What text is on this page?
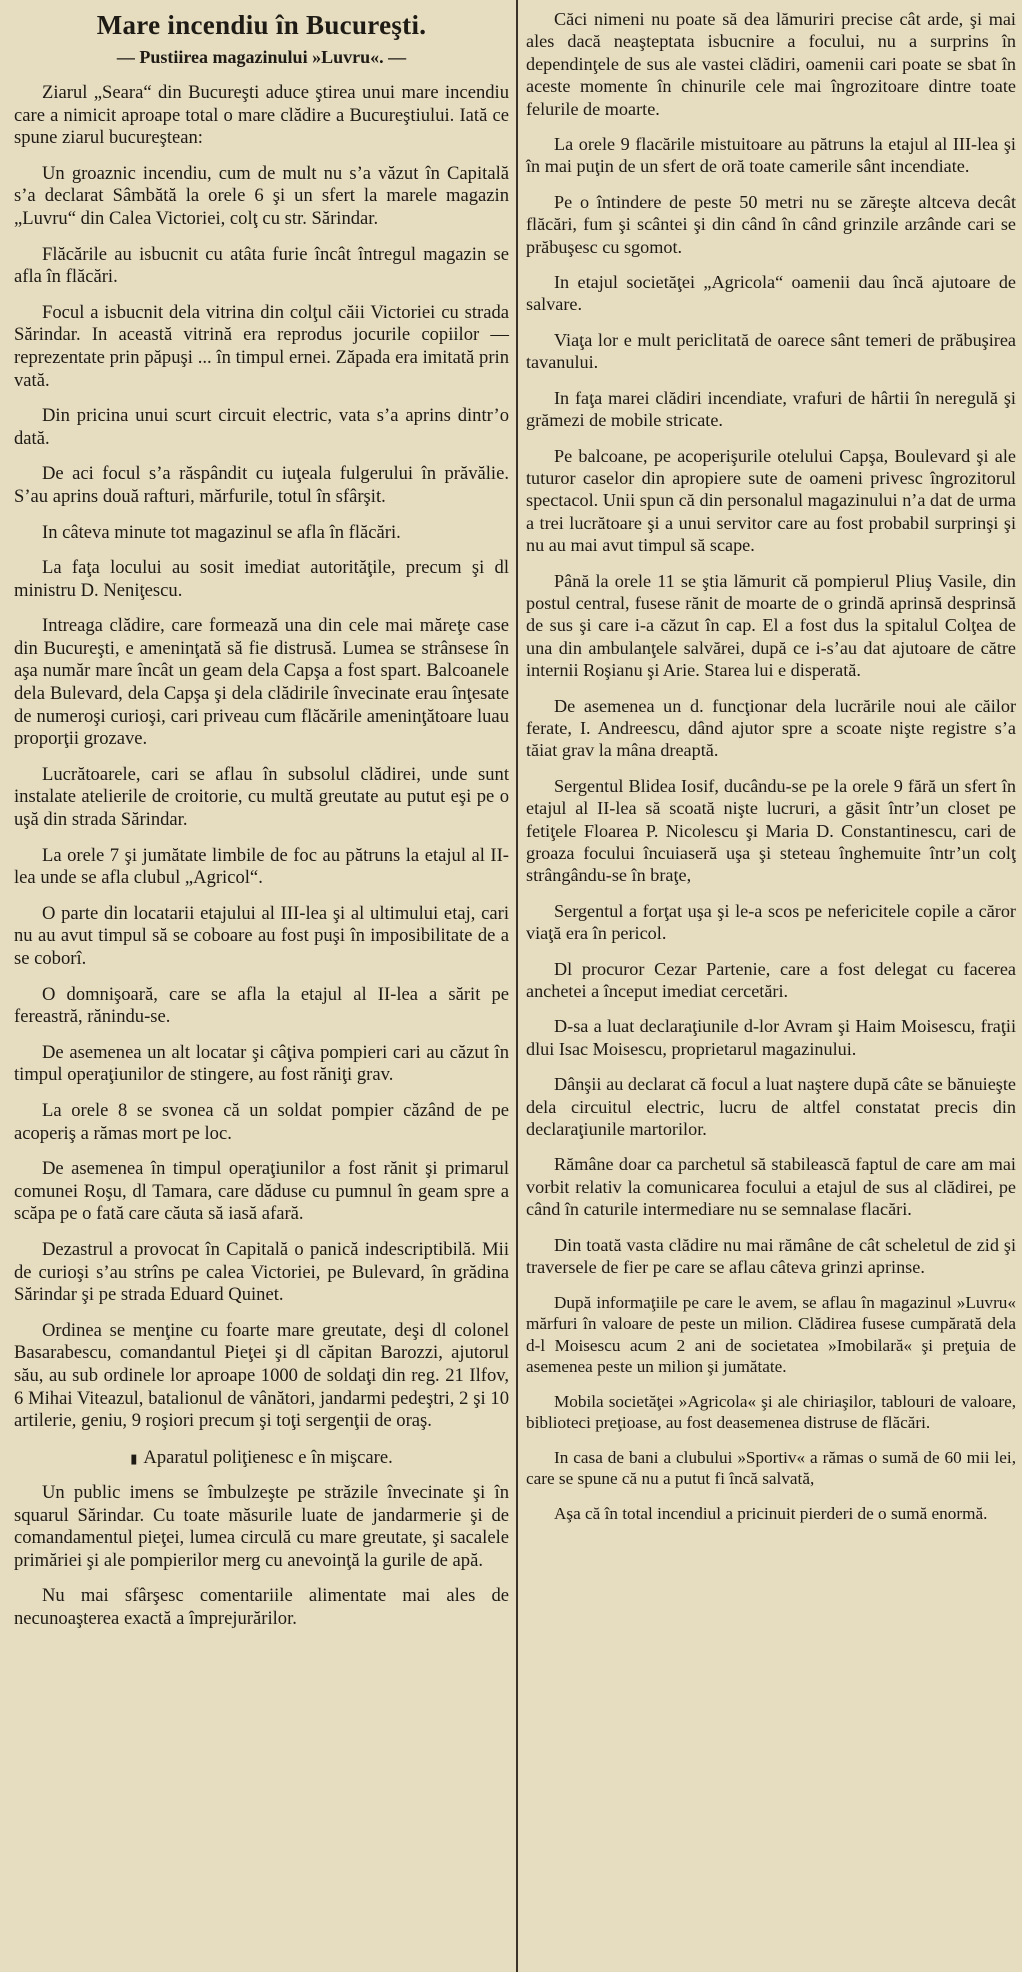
Mare incendiu în Bucureşti.
— Pustiirea magazinului »Luvru«. —

Ziarul „Seara“ din Bucureşti aduce ştirea unui mare incendiu care a nimicit aproape total o mare clădire a Bucureştiului. Iată ce spune ziarul bucureştean:

Un groaznic incendiu, cum de mult nu s’a văzut în Capitală s’a declarat Sâmbătă la orele 6 şi un sfert la marele magazin „Luvru“ din Calea Victoriei, colţ cu str. Sărindar.

Flăcările au isbucnit cu atâta furie încât întregul magazin se afla în flăcări.

Focul a isbucnit dela vitrina din colţul căii Victoriei cu strada Sărindar. In această vitrină era reprodus jocurile copiilor — reprezentate prin păpuşi ... în timpul ernei. Zăpada era imitată prin vată.

Din pricina unui scurt circuit electric, vata s’a aprins dintr’o dată.

De aci focul s’a răspândit cu iuţeala fulgerului în prăvălie. S’au aprins două rafturi, mărfurile, totul în sfârşit.

In câteva minute tot magazinul se afla în flăcări.

La faţa locului au sosit imediat autorităţile, precum şi dl ministru D. Neniţescu.

Intreaga clădire, care formează una din cele mai măreţe case din Bucureşti, e ameninţată să fie distrusă. Lumea se strânsese în aşa număr mare încât un geam dela Capşa a fost spart. Balcoanele dela Bulevard, dela Capşa şi dela clădirile învecinate erau înţesate de numeroşi curioşi, cari priveau cum flăcările ameninţătoare luau proporţii grozave.

Lucrătoarele, cari se aflau în subsolul clădirei, unde sunt instalate atelierile de croitorie, cu multă greutate au putut eşi pe o uşă din strada Sărindar.

La orele 7 şi jumătate limbile de foc au pătruns la etajul al II-lea unde se afla clubul „Agricol“.

O parte din locatarii etajului al III-lea şi al ultimului etaj, cari nu au avut timpul să se coboare au fost puşi în imposibilitate de a se coborî.

O domnişoară, care se afla la etajul al II-lea a sărit pe fereastră, rănindu-se.

De asemenea un alt locatar şi câţiva pompieri cari au căzut în timpul operaţiunilor de stingere, au fost răniţi grav.

La orele 8 se svonea că un soldat pompier căzând de pe acoperiş a rămas mort pe loc.

De asemenea în timpul operaţiunilor a fost rănit şi primarul comunei Roşu, dl Tamara, care dăduse cu pumnul în geam spre a scăpa pe o fată care căuta să iasă afară.

Dezastrul a provocat în Capitală o panică indescriptibilă. Mii de curioşi s’au strîns pe calea Victoriei, pe Bulevard, în grădina Sărindar şi pe strada Eduard Quinet.

Ordinea se menţine cu foarte mare greutate, deşi dl colonel Basarabescu, comandantul Pieţei şi dl căpitan Barozzi, ajutorul său, au sub ordinele lor aproape 1000 de soldaţi din reg. 21 Ilfov, 6 Mihai Viteazul, batalionul de vânători, jandarmi pedeştri, 2 şi 10 artilerie, geniu, 9 roşiori precum şi toţi sergenţii de oraş.

▮ Aparatul poliţienesc e în mişcare.

Un public imens se îmbulzeşte pe străzile învecinate şi în squarul Sărindar. Cu toate măsurile luate de jandarmerie şi de comandamentul pieţei, lumea circulă cu mare greutate, şi sacalele primăriei şi ale pompierilor merg cu anevoinţă la gurile de apă.

Nu mai sfârşesc comentariile alimentate mai ales de necunoaşterea exactă a împrejurărilor.

Căci nimeni nu poate să dea lămuriri precise cât arde, şi mai ales dacă neaşteptata isbucnire a focului, nu a surprins în dependinţele de sus ale vastei clădiri, oamenii cari poate se sbat în aceste momente în chinurile cele mai îngrozitoare dintre toate felurile de moarte.

La orele 9 flacările mistuitoare au pătruns la etajul al III-lea şi în mai puţin de un sfert de oră toate camerile sânt incendiate.

Pe o întindere de peste 50 metri nu se zăreşte altceva decât flăcări, fum şi scântei şi din când în când grinzile arzânde cari se prăbuşesc cu sgomot.

In etajul societăţei „Agricola“ oamenii dau încă ajutoare de salvare.

Viaţa lor e mult periclitată de oarece sânt temeri de prăbuşirea tavanului.

In faţa marei clădiri incendiate, vrafuri de hârtii în neregulă şi grămezi de mobile stricate.

Pe balcoane, pe acoperişurile otelului Capşa, Boulevard şi ale tuturor caselor din apropiere sute de oameni privesc îngrozitorul spectacol. Unii spun că din personalul magazinului n’a dat de urma a trei lucrătoare şi a unui servitor care au fost probabil surprinşi şi nu au mai avut timpul să scape.

Până la orele 11 se ştia lămurit că pompierul Pliuş Vasile, din postul central, fusese rănit de moarte de o grindă aprinsă desprinsă de sus şi care i-a căzut în cap. El a fost dus la spitalul Colţea de una din ambulanţele salvărei, după ce i-s’au dat ajutoare de către internii Roşianu şi Arie. Starea lui e disperată.

De asemenea un d. funcţionar dela lucrările noui ale căilor ferate, I. Andreescu, dând ajutor spre a scoate nişte registre s’a tăiat grav la mâna dreaptă.

Sergentul Blidea Iosif, ducându-se pe la orele 9 fără un sfert în etajul al II-lea să scoată nişte lucruri, a găsit într’un closet pe fetiţele Floarea P. Nicolescu şi Maria D. Constantinescu, cari de groaza focului încuiaseră uşa şi steteau înghemuite într’un colţ strângându-se în braţe,

Sergentul a forţat uşa şi le-a scos pe nefericitele copile a căror viaţă era în pericol.

Dl procuror Cezar Partenie, care a fost delegat cu facerea anchetei a început imediat cercetări.

D-sa a luat declaraţiunile d-lor Avram şi Haim Moisescu, fraţii dlui Isac Moisescu, proprietarul magazinului.

Dânşii au declarat că focul a luat naştere după câte se bănuieşte dela circuitul electric, lucru de altfel constatat precis din declaraţiunile martorilor.

Rămâne doar ca parchetul să stabilească faptul de care am mai vorbit relativ la comunicarea focului a etajul de sus al clădirei, pe când în caturile intermediare nu se semnalase flacări.

Din toată vasta clădire nu mai rămâne de cât scheletul de zid şi traversele de fier pe care se aflau câteva grinzi aprinse.

După informaţiile pe care le avem, se aflau în magazinul »Luvru« mărfuri în valoare de peste un milion. Clădirea fusese cumpărată dela d-l Moisescu acum 2 ani de societatea »Imobilară« şi preţuia de asemenea peste un milion şi jumătate.

Mobila societăţei »Agricola« şi ale chiriaşilor, tablouri de valoare, biblioteci preţioase, au fost deasemenea distruse de flăcări.

In casa de bani a clubului »Sportiv« a rămas o sumă de 60 mii lei, care se spune că nu a putut fi încă salvată,

Aşa că în total incendiul a pricinuit pierderi de o sumă enormă.
